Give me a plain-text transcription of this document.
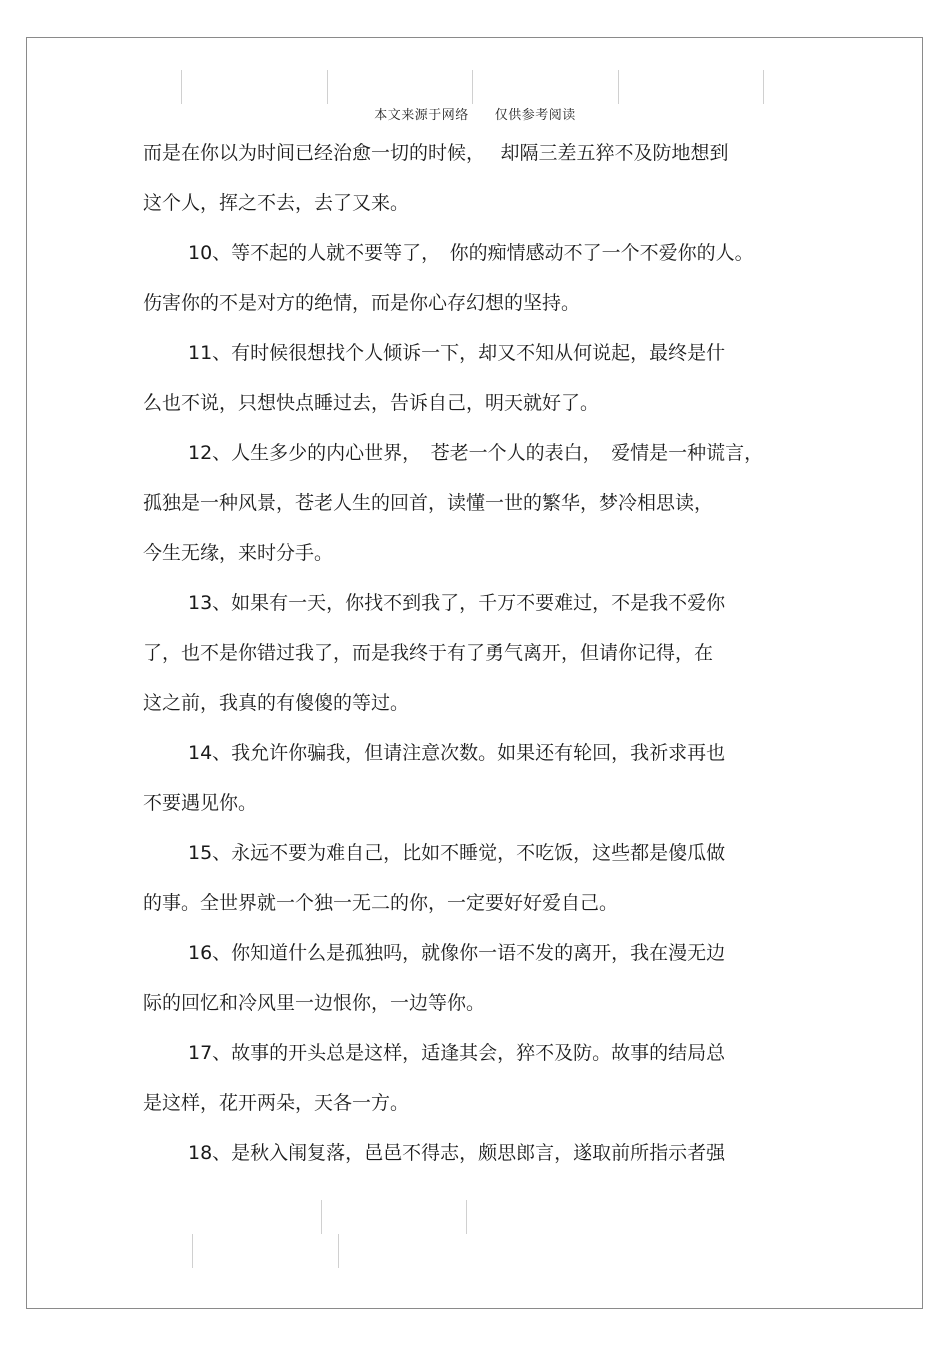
本文来源于网络 仅供参考阅读
而是在你以为时间已经治愈一切的时候，　 却隔三差五猝不及防地想到
这个人，挥之不去，去了又来。
10、等不起的人就不要等了，　你的痴情感动不了一个不爱你的人。
伤害你的不是对方的绝情，而是你心存幻想的坚持。
11、有时候很想找个人倾诉一下，却又不知从何说起，最终是什
么也不说，只想快点睡过去，告诉自己，明天就好了。
12、人生多少的内心世界，　苍老一个人的表白，　爱情是一种谎言，
孤独是一种风景，苍老人生的回首，读懂一世的繁华，梦冷相思读，
今生无缘，来时分手。
13、如果有一天，你找不到我了，千万不要难过，不是我不爱你
了，也不是你错过我了，而是我终于有了勇气离开，但请你记得，在
这之前，我真的有傻傻的等过。
14、我允许你骗我，但请注意次数。如果还有轮回，我祈求再也
不要遇见你。
15、永远不要为难自己，比如不睡觉，不吃饭，这些都是傻瓜做
的事。全世界就一个独一无二的你，一定要好好爱自己。
16、你知道什么是孤独吗，就像你一语不发的离开，我在漫无边
际的回忆和冷风里一边恨你，一边等你。
17、故事的开头总是这样，适逢其会，猝不及防。故事的结局总
是这样，花开两朵，天各一方。
18、是秋入闱复落，邑邑不得志，颇思郎言，遂取前所指示者强
